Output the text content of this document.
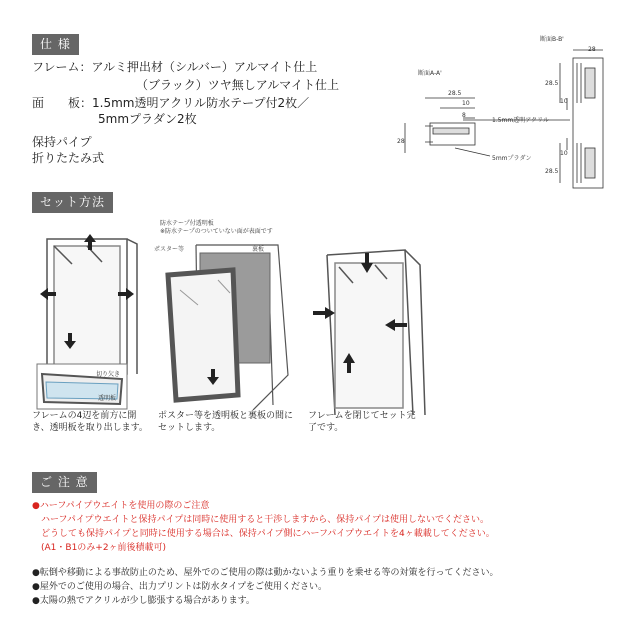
仕 様
フレーム：アルミ押出材（シルバー）アルマイト仕上
（ブラック）ツヤ無しアルマイト仕上
面　　板：1.5mm透明アクリル防水テープ付2枚／
5mmプラダン2枚
保持パイプ
折りたたみ式
断面A-A'
断面B-B'
28.5
10
8
28
28
28.5
10
10
28.5
1.5mm透明アクリル
5mmプラダン
セット方法
切り欠き
透明板
防水テープ付透明板
※防水テープのついていない面が表面です
ポスター等	裏板
フレームの4辺を前方に開き、透明板を取り出します。
ポスター等を透明板と裏板の間にセットします。
フレームを閉じてセット完了です。
ご 注 意
●ハーフパイプウエイトを使用の際のご注意
　ハーフパイプウエイトと保持パイプは同時に使用すると干渉しますから、保持パイプは使用しないでください。
　どうしても保持パイプと同時に使用する場合は、保持パイプ側にハーフパイプウエイトを4ヶ載載してください。
　(A1・B1のみ+2ヶ前後積載可)
●転倒や移動による事故防止のため、屋外でのご使用の際は動かないよう重りを乗せる等の対策を行ってください。
●屋外でのご使用の場合、出力プリントは防水タイプをご使用ください。
●太陽の熱でアクリルが少し膨張する場合があります。
